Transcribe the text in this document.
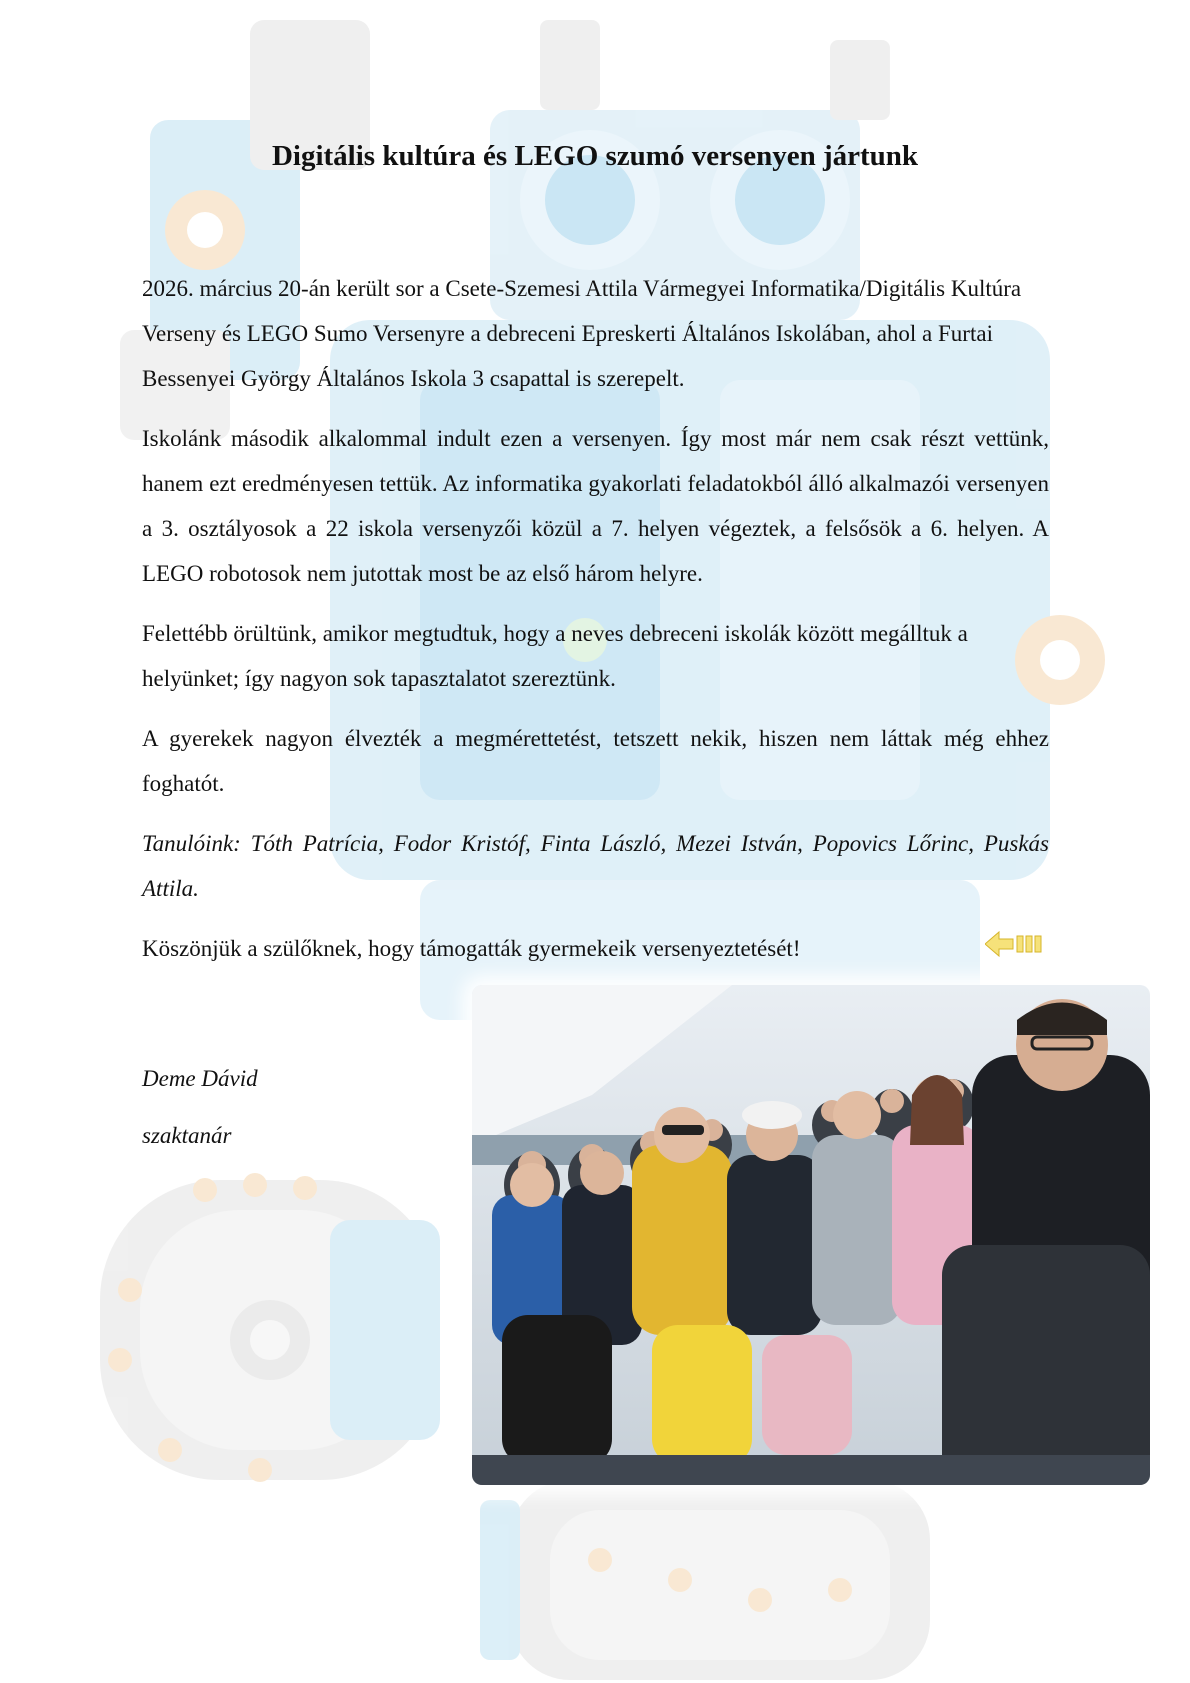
Digitális kultúra és LEGO szumó versenyen jártunk

2026. március 20-án került sor a Csete-Szemesi Attila Vármegyei Informatika/Digitális Kultúra Verseny és LEGO Sumo Versenyre a debreceni Epreskerti Általános Iskolában, ahol a Furtai Bessenyei György Általános Iskola 3 csapattal is szerepelt.

Iskolánk második alkalommal indult ezen a versenyen. Így most már nem csak részt vettünk, hanem ezt eredményesen tettük. Az informatika gyakorlati feladatokból álló alkalmazói versenyen a 3. osztályosok a 22 iskola versenyzői közül a 7. helyen végeztek, a felsősök a 6. helyen. A LEGO robotosok nem jutottak most be az első három helyre.

Felettébb örültünk, amikor megtudtuk, hogy a neves debreceni iskolák között megálltuk a helyünket; így nagyon sok tapasztalatot szereztünk.

A gyerekek nagyon élvezték a megmérettetést, tetszett nekik, hiszen nem láttak még ehhez foghatót.

Tanulóink: Tóth Patrícia, Fodor Kristóf, Finta László, Mezei István, Popovics Lőrinc, Puskás Attila.

Köszönjük a szülőknek, hogy támogatták gyermekeik versenyeztetését!

Deme Dávid
szaktanár
